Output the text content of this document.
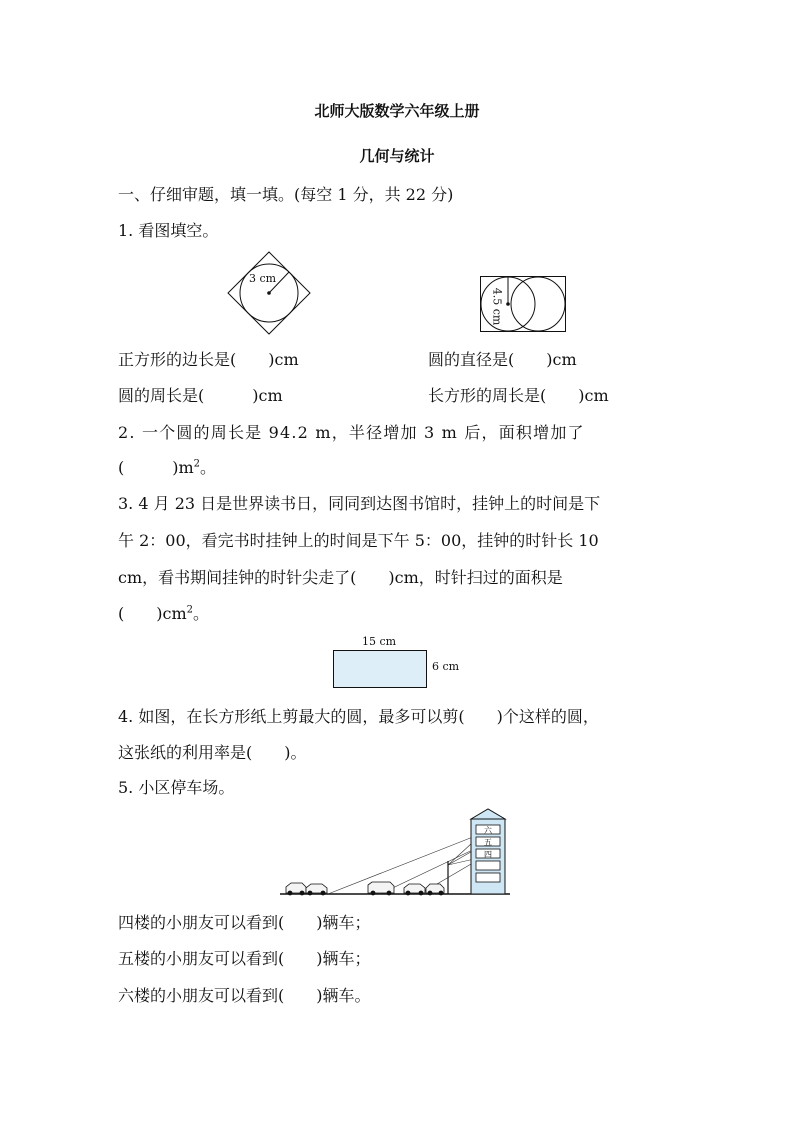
北师大版数学六年级上册
几何与统计
一、仔细审题，填一填。(每空 1 分，共 22 分)
1. 看图填空。
3 cm
4.5 cm
正方形的边长是(　　)cm	圆的直径是(　　)cm
圆的周长是(　　　)cm	长方形的周长是(　　)cm
2. 一个圆的周长是 94.2 m，半径增加 3 m 后，面积增加了
(　　　)$m^2$。
3. 4 月 23 日是世界读书日，同同到达图书馆时，挂钟上的时间是下
午 2：00，看完书时挂钟上的时间是下午 5：00，挂钟的时针长 10
cm，看书期间挂钟的时针尖走了(　　)cm，时针扫过的面积是
(　　)$cm^2$。
15 cm
6 cm
4. 如图，在长方形纸上剪最大的圆，最多可以剪(　　)个这样的圆，
这张纸的利用率是(　　)。
5. 小区停车场。
六
五
四
四楼的小朋友可以看到(　　)辆车；
五楼的小朋友可以看到(　　)辆车；
六楼的小朋友可以看到(　　)辆车。
